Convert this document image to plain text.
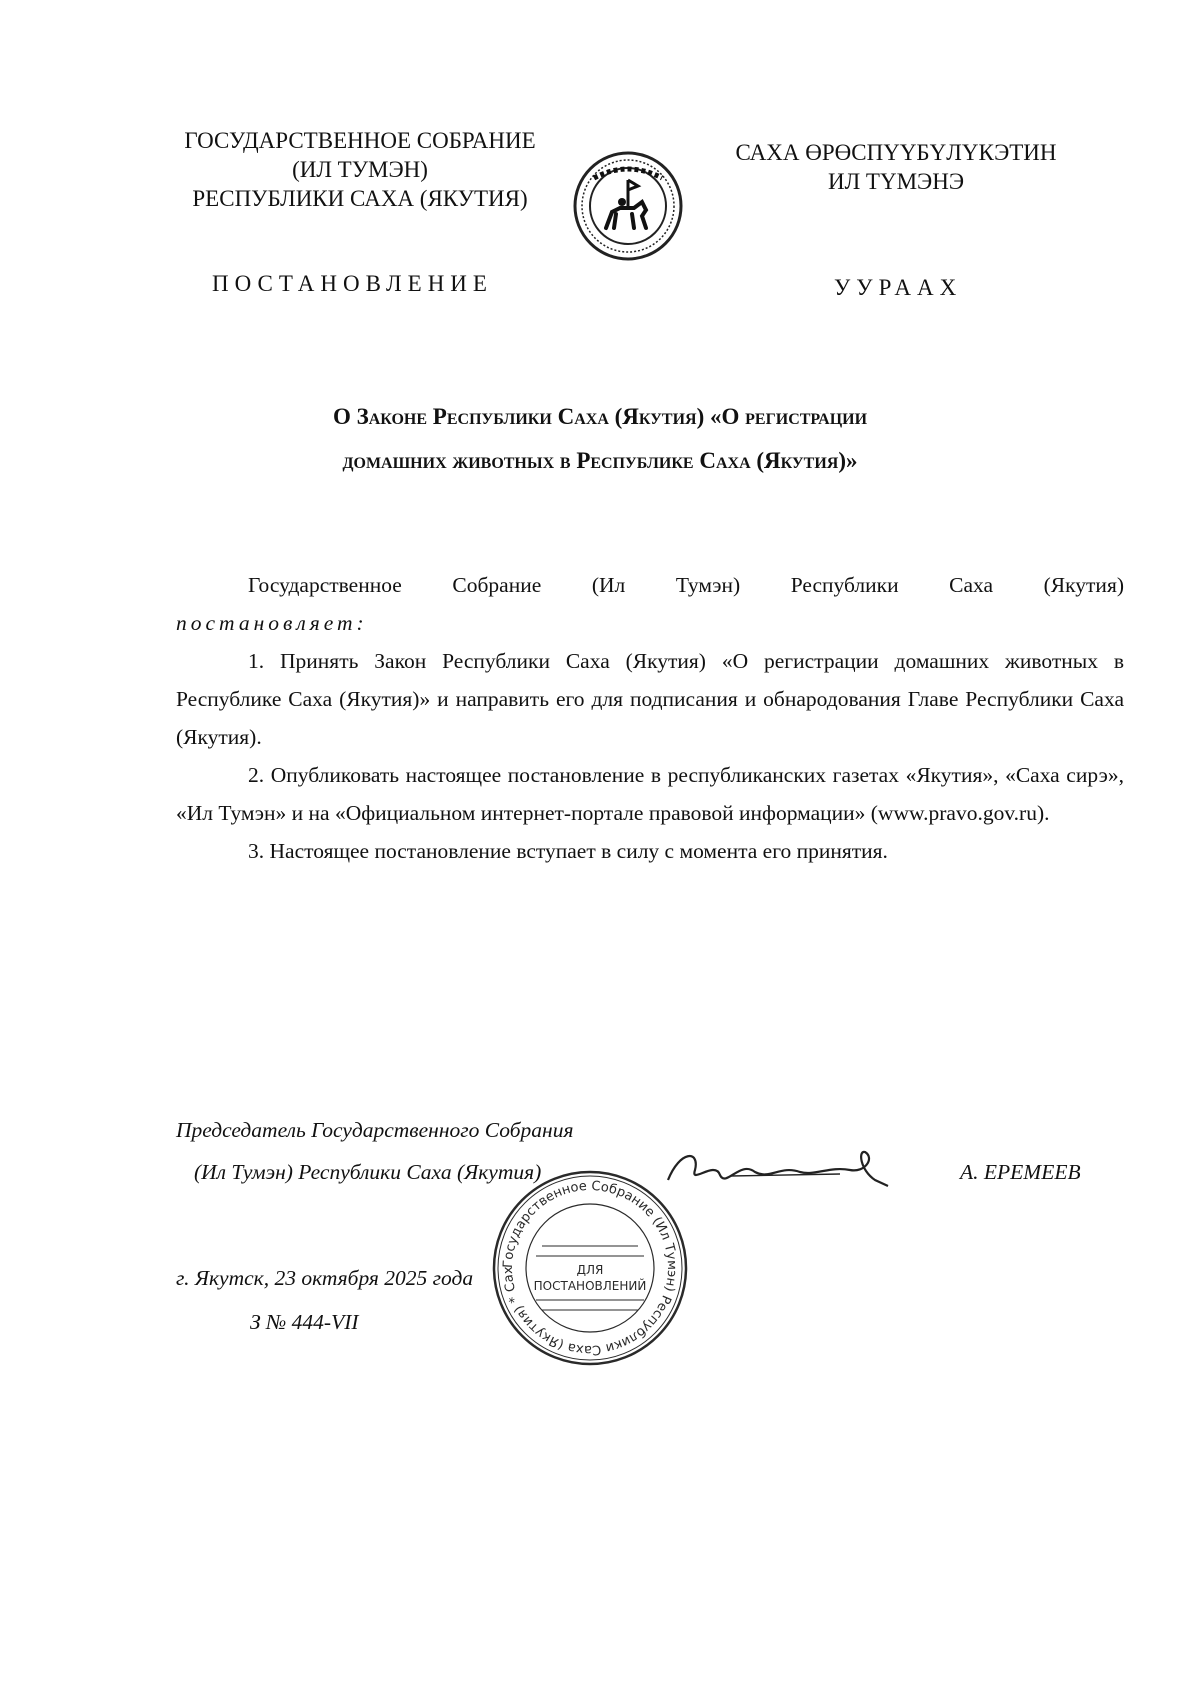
ГОСУДАРСТВЕННОЕ СОБРАНИЕ
(ИЛ ТУМЭН)
РЕСПУБЛИКИ САХА (ЯКУТИЯ)
САХА ӨРӨСПҮҮБҮЛҮКЭТИН
ИЛ ТҮМЭНЭ
ПОСТАНОВЛЕНИЕ	УУРААХ
О Законе Республики Саха (Якутия) «О регистрации
домашних животных в Республике Саха (Якутия)»
Государственное Собрание (Ил Тумэн) Республики Саха (Якутия)
постановляет:
1. Принять Закон Республики Саха (Якутия) «О регистрации домашних животных в Республике Саха (Якутия)» и направить его для подписания и обнародования Главе Республики Саха (Якутия).
2. Опубликовать настоящее постановление в республиканских газетах «Якутия», «Саха сирэ», «Ил Тумэн» и на «Официальном интернет-портале правовой информации» (www.pravo.gov.ru).
3. Настоящее постановление вступает в силу с момента его принятия.
Председатель Государственного Собрания
(Ил Тумэн) Республики Саха (Якутия)	А. ЕРЕМЕЕВ
Государственное Собрание (Ил Тумэн) Республики Саха (Якутия) * Сах	ДЛЯ
ПОСТАНОВЛЕНИЙ
г. Якутск, 23 октября 2025 года
З № 444-VII
